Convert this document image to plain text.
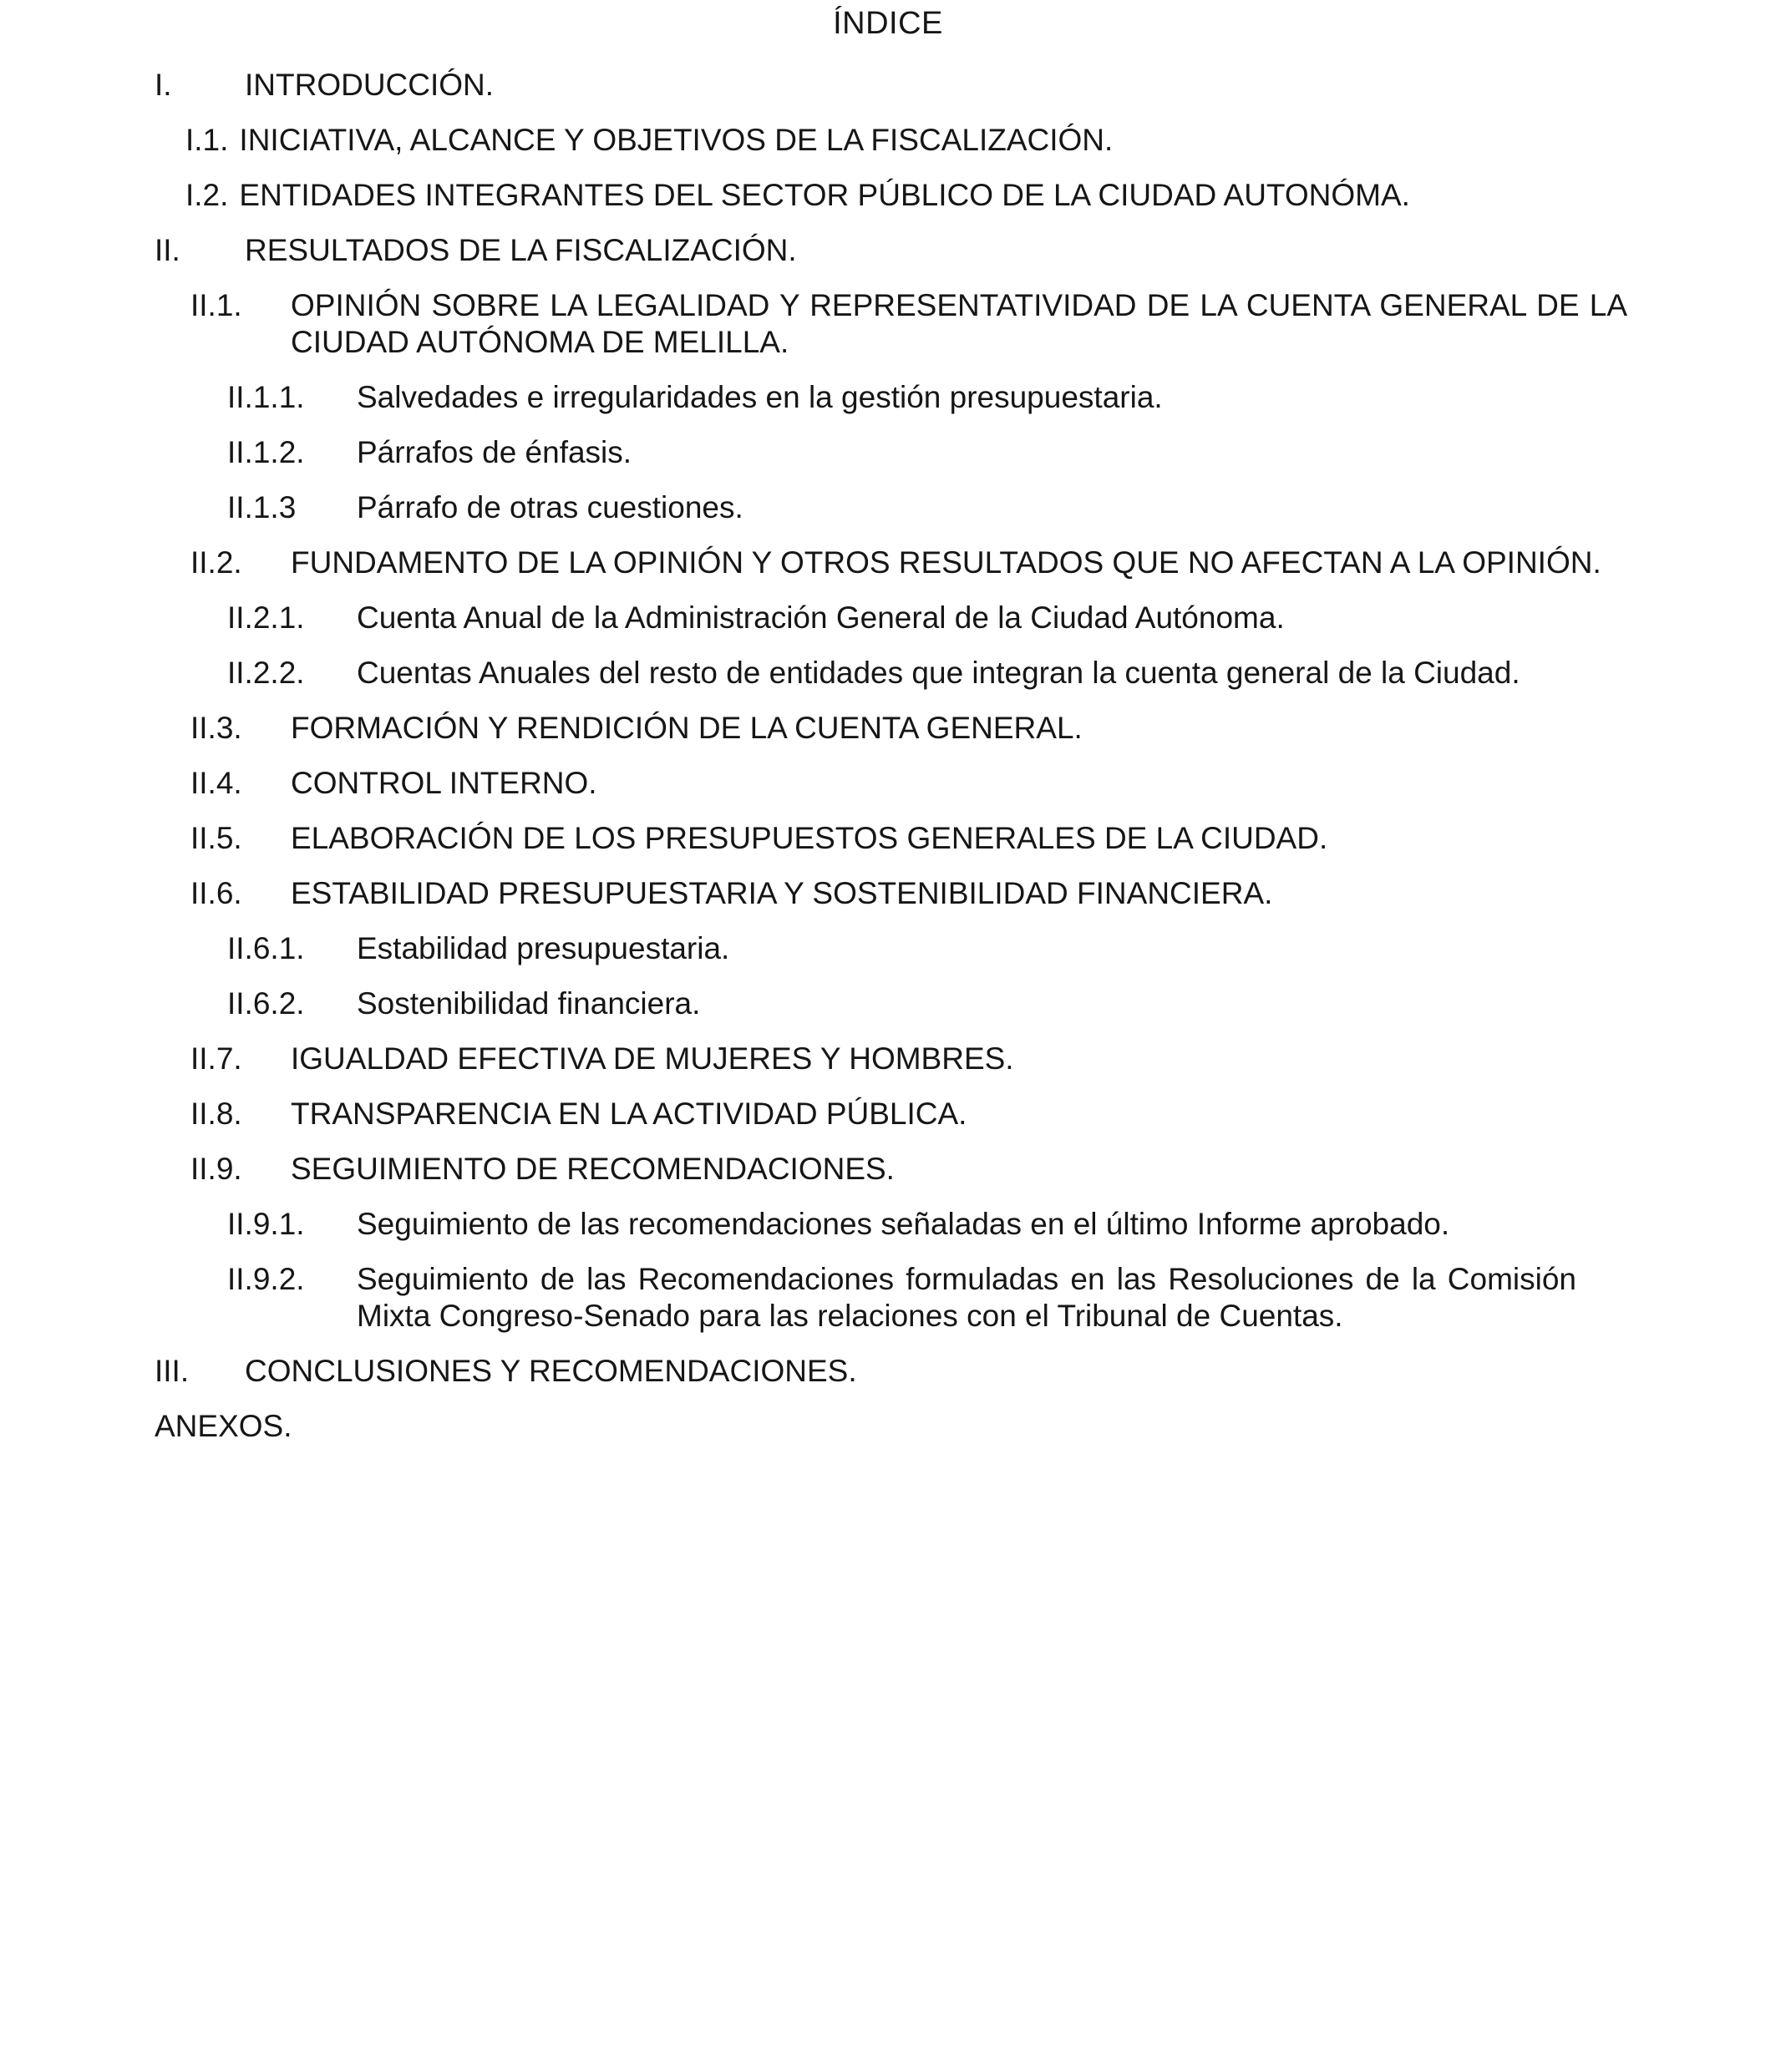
ÍNDICE
I.	INTRODUCCIÓN.
I.1. INICIATIVA, ALCANCE Y OBJETIVOS DE LA FISCALIZACIÓN.
I.2. ENTIDADES INTEGRANTES DEL SECTOR PÚBLICO DE LA CIUDAD AUTONÓMA.
II.	RESULTADOS DE LA FISCALIZACIÓN.
II.1.	OPINIÓN SOBRE LA LEGALIDAD Y REPRESENTATIVIDAD DE LA CUENTA GENERAL DE LA CIUDAD AUTÓNOMA DE MELILLA.
II.1.1.	Salvedades e irregularidades en la gestión presupuestaria.
II.1.2.	Párrafos de énfasis.
II.1.3	Párrafo de otras cuestiones.
II.2.	FUNDAMENTO DE LA OPINIÓN Y OTROS RESULTADOS QUE NO AFECTAN A LA OPINIÓN.
II.2.1.	Cuenta Anual de la Administración General de la Ciudad Autónoma.
II.2.2.	Cuentas Anuales del resto de entidades que integran la cuenta general de la Ciudad.
II.3.	FORMACIÓN Y RENDICIÓN DE LA CUENTA GENERAL.
II.4.	CONTROL INTERNO.
II.5.	ELABORACIÓN DE LOS PRESUPUESTOS GENERALES DE LA CIUDAD.
II.6.	ESTABILIDAD PRESUPUESTARIA Y SOSTENIBILIDAD FINANCIERA.
II.6.1.	Estabilidad presupuestaria.
II.6.2.	Sostenibilidad financiera.
II.7.	IGUALDAD EFECTIVA DE MUJERES Y HOMBRES.
II.8.	TRANSPARENCIA EN LA ACTIVIDAD PÚBLICA.
II.9.	SEGUIMIENTO DE RECOMENDACIONES.
II.9.1.	Seguimiento de las recomendaciones señaladas en el último Informe aprobado.
II.9.2.	Seguimiento de las Recomendaciones formuladas en las Resoluciones de la Comisión Mixta Congreso-Senado para las relaciones con el Tribunal de Cuentas.
III.	CONCLUSIONES Y RECOMENDACIONES.
ANEXOS.
